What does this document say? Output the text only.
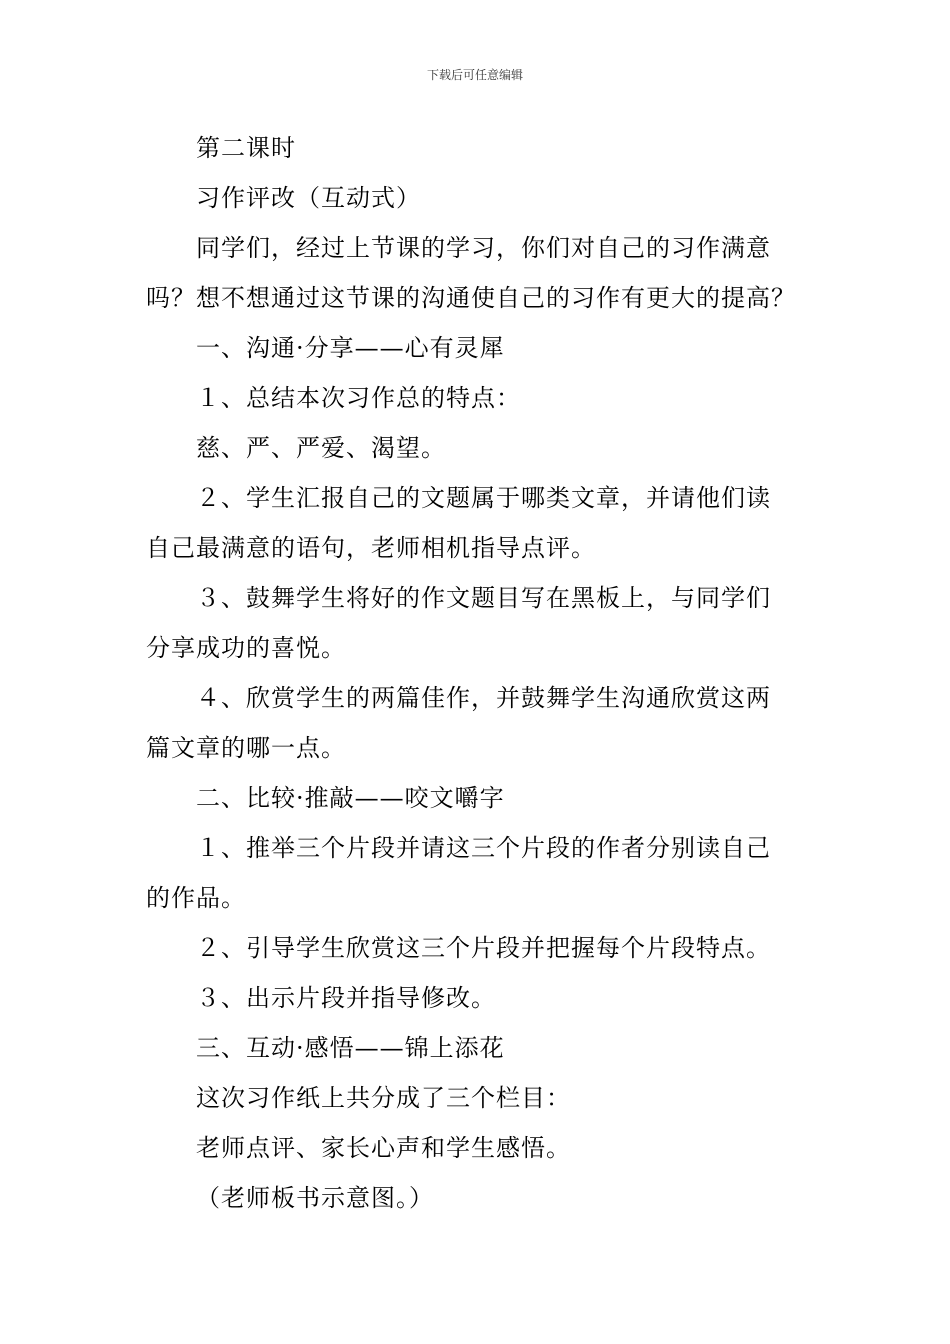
下载后可任意编辑
第二课时
习作评改（互动式）
同学们，经过上节课的学习，你们对自己的习作满意
吗？想不想通过这节课的沟通使自己的习作有更大的提高？
一、沟通·分享——心有灵犀
１、总结本次习作总的特点：
慈、严、严爱、渴望。
２、学生汇报自己的文题属于哪类文章，并请他们读
自己最满意的语句，老师相机指导点评。
３、鼓舞学生将好的作文题目写在黑板上，与同学们
分享成功的喜悦。
４、欣赏学生的两篇佳作，并鼓舞学生沟通欣赏这两
篇文章的哪一点。
二、比较·推敲——咬文嚼字
１、推举三个片段并请这三个片段的作者分别读自己
的作品。
２、引导学生欣赏这三个片段并把握每个片段特点。
３、出示片段并指导修改。
三、互动·感悟——锦上添花
这次习作纸上共分成了三个栏目：
老师点评、家长心声和学生感悟。
（老师板书示意图。）
